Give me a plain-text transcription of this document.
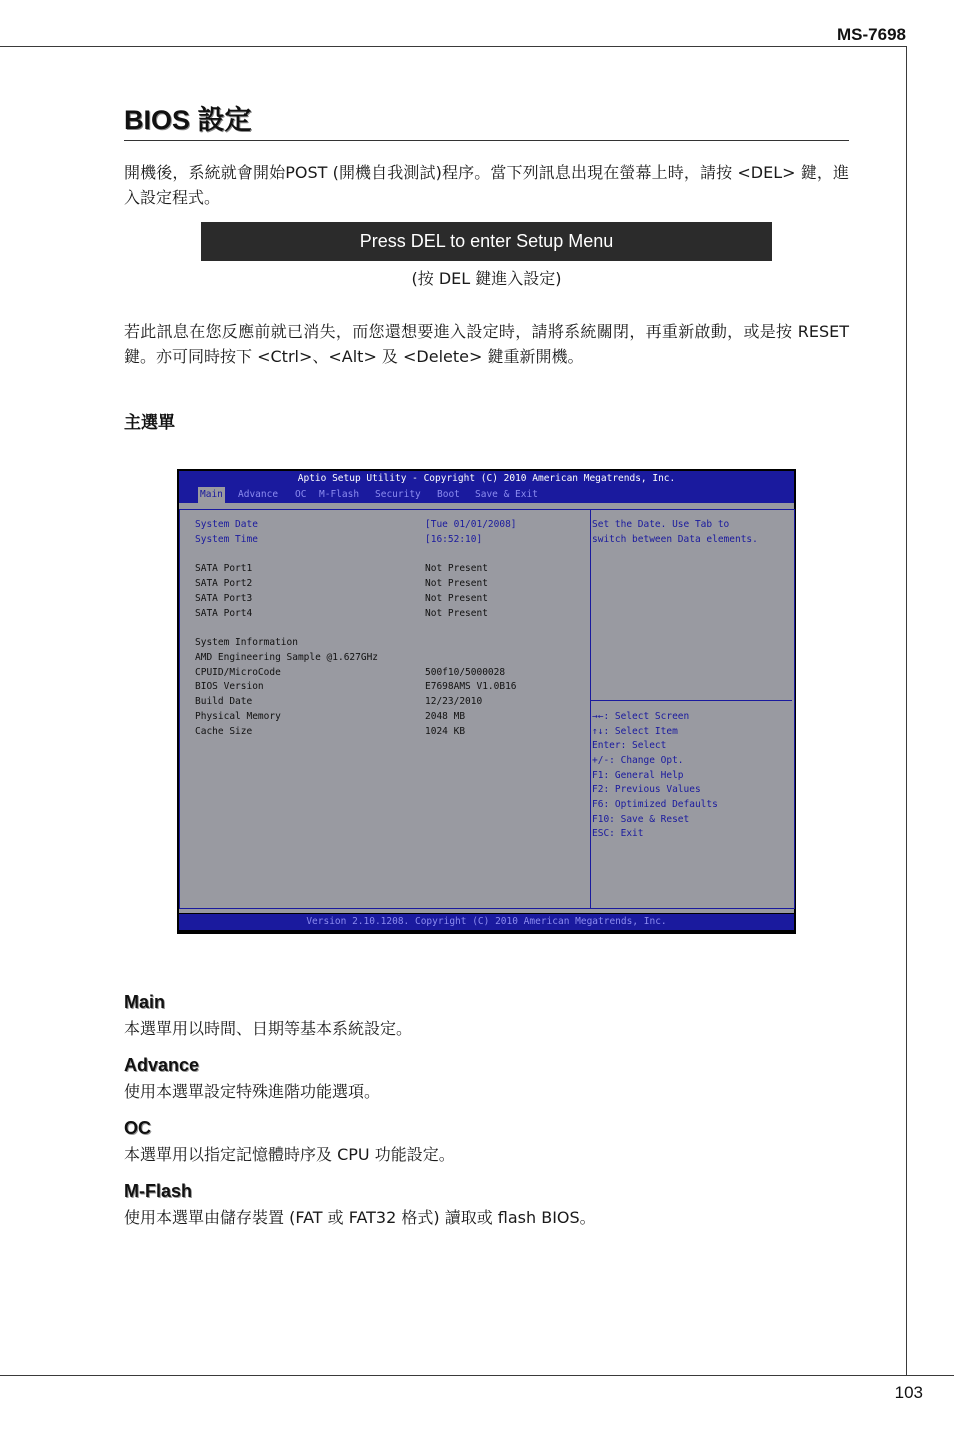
MS-7698
BIOS 設定
開機後，系統就會開始POST (開機自我測試)程序。當下列訊息出現在螢幕上時，請按 <DEL> 鍵，進入設定程式。
Press DEL to enter Setup Menu
(按 DEL 鍵進入設定)
若此訊息在您反應前就已消失，而您還想要進入設定時，請將系統關閉，再重新啟動，或是按 RESET 鍵。亦可同時按下 <Ctrl>、<Alt> 及 <Delete> 鍵重新開機。
主選單
Aptio Setup Utility - Copyright (C) 2010 American Megatrends, Inc.

Main

Advance

OC

M-Flash

Security

Boot

Save & Exit

System Date

	[Tue 01/01/2008]

System Time

	[16:52:10]

SATA Port1

	Not Present

SATA Port2

	Not Present

SATA Port3

	Not Present

SATA Port4

	Not Present

System Information

AMD Engineering Sample @1.627GHz

CPUID/MicroCode

	500f10/5000028

BIOS Version

	E7698AMS V1.0B16

Build Date

	12/23/2010

Physical Memory

	2048 MB

Cache Size

	1024 KB

Set the Date. Use Tab to

switch between Data elements.

→←: Select Screen

↑↓: Select Item

Enter: Select

+/-: Change Opt.

F1: General Help

F2: Previous Values

F6: Optimized Defaults

F10: Save & Reset

ESC: Exit

Version 2.10.1208. Copyright (C) 2010 American Megatrends, Inc.
Main
本選單用以時間、日期等基本系統設定。
Advance
使用本選單設定特殊進階功能選項。
OC
本選單用以指定記憶體時序及 CPU 功能設定。
M-Flash
使用本選單由儲存裝置 (FAT 或 FAT32 格式) 讀取或 flash BIOS。
103
